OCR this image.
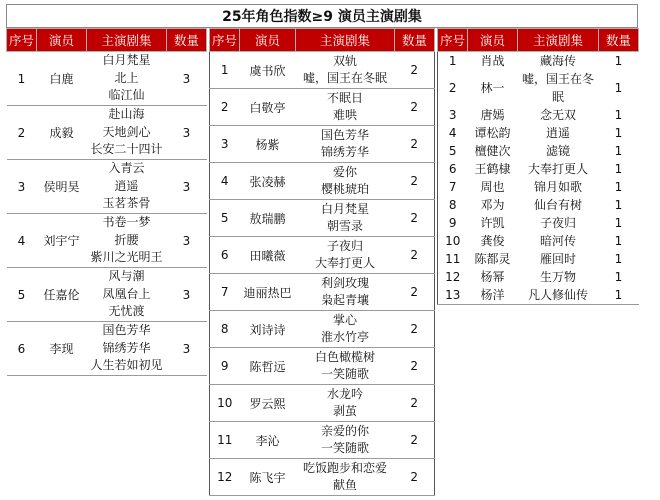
25年角色指数≥9 演员主演剧集
序号	演员	主演剧集	数量
1	白鹿	白月梵星
北上
临江仙	3
2	成毅	赴山海
天地剑心
长安二十四计	3
3	侯明昊	入青云
逍遥
玉茗茶骨	3
4	刘宇宁	书卷一梦
折腰
紫川之光明王	3
5	任嘉伦	风与潮
凤凰台上
无忧渡	3
6	李现	国色芳华
锦绣芳华
人生若如初见	3
序号	演员	主演剧集	数量
1	虞书欣	双轨
嘘，国王在冬眠	2
2	白敬亭	不眠日
难哄	2
3	杨紫	国色芳华
锦绣芳华	2
4	张凌赫	爱你
樱桃琥珀	2
5	敖瑞鹏	白月梵星
朝雪录	2
6	田曦薇	子夜归
大奉打更人	2
7	迪丽热巴	利剑玫瑰
枭起青壤	2
8	刘诗诗	掌心
淮水竹亭	2
9	陈哲远	白色橄榄树
一笑随歌	2
10	罗云熙	水龙吟
剥茧	2
11	李沁	亲爱的你
一笑随歌	2
12	陈飞宇	吃饭跑步和恋爱
献鱼	2
序号	演员	主演剧集	数量
1	肖战	藏海传	1
2	林一	嘘，国王在冬眠	1
3	唐嫣	念无双	1
4	谭松韵	逍遥	1
5	檀健次	滤镜	1
6	王鹤棣	大奉打更人	1
7	周也	锦月如歌	1
8	邓为	仙台有树	1
9	许凯	子夜归	1
10	龚俊	暗河传	1
11	陈都灵	雁回时	1
12	杨幂	生万物	1
13	杨洋	凡人修仙传	1
